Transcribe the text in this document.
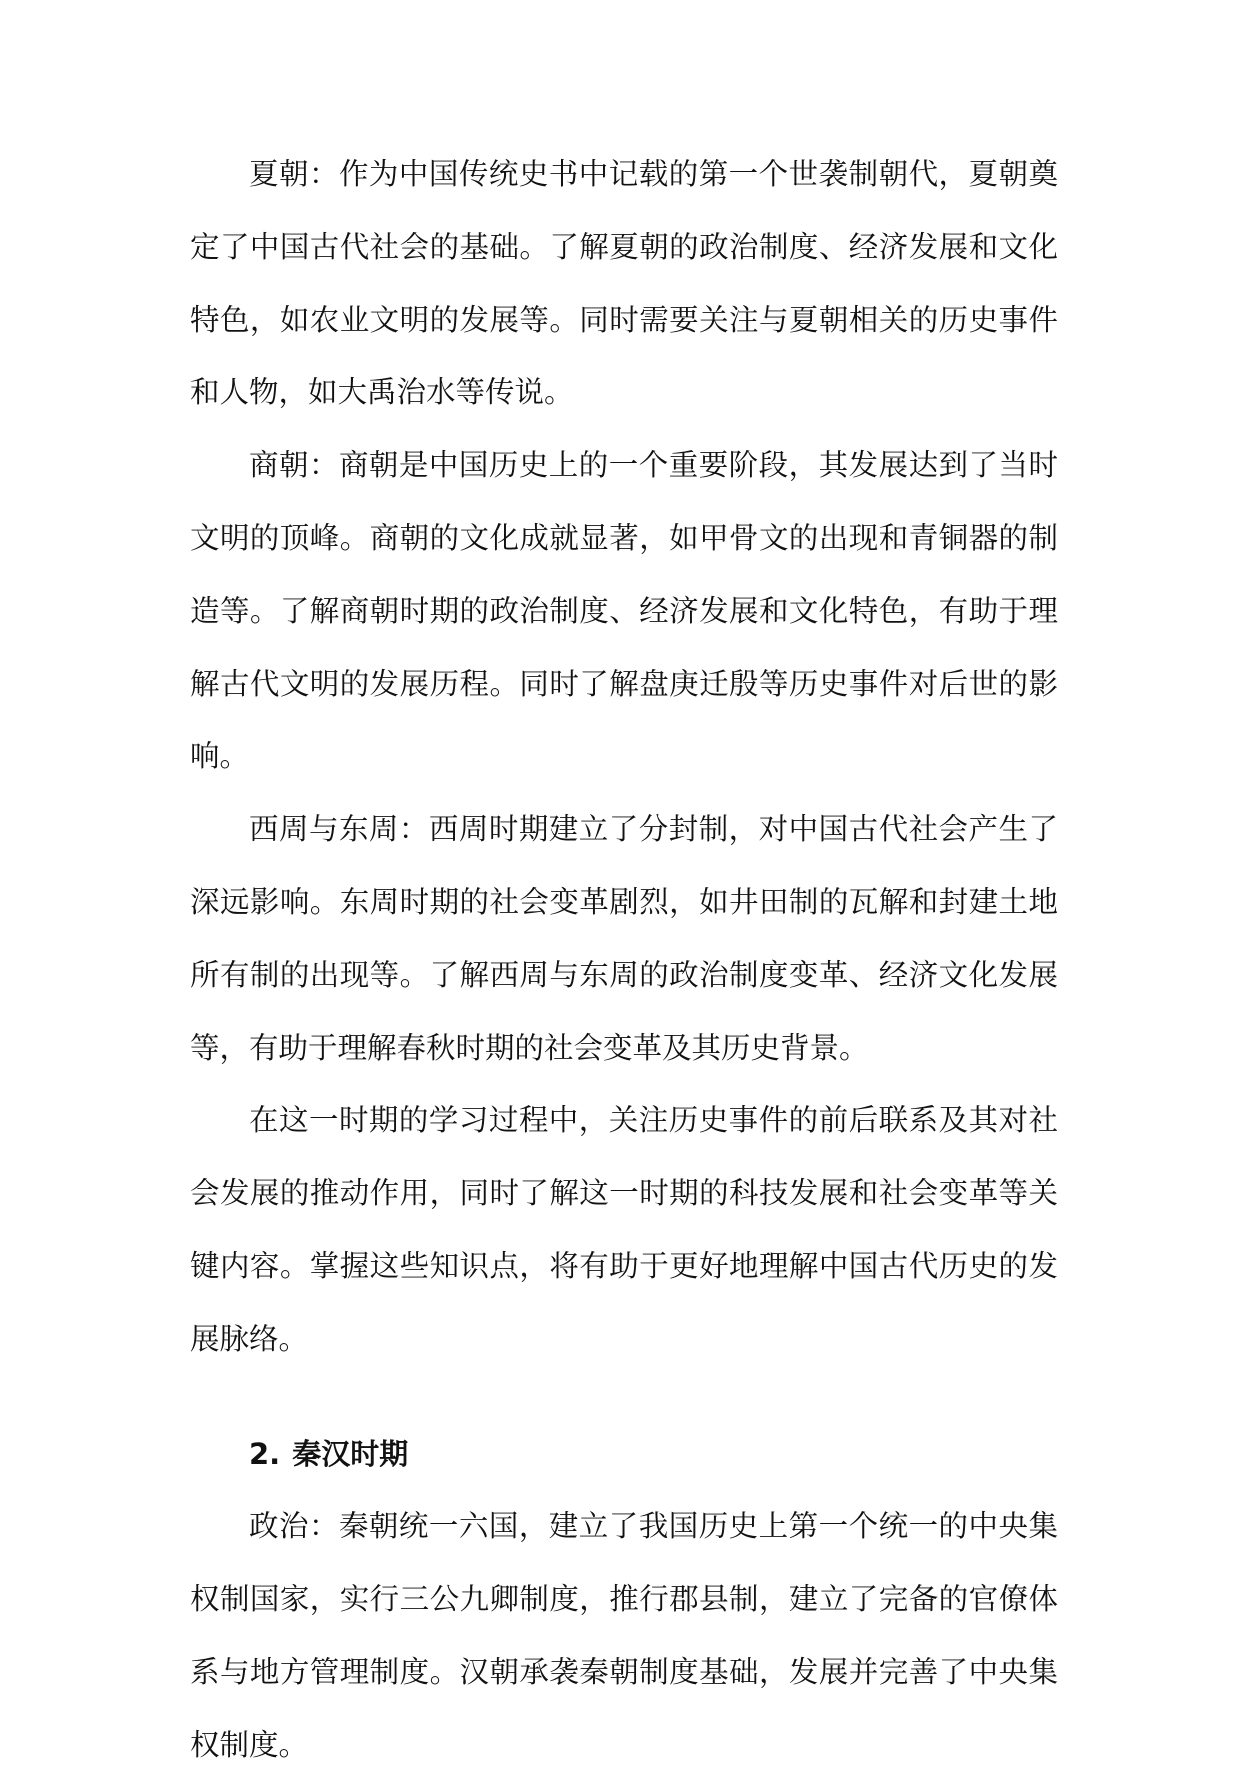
夏朝：作为中国传统史书中记载的第一个世袭制朝代，夏朝奠定了中国古代社会的基础。了解夏朝的政治制度、经济发展和文化特色，如农业文明的发展等。同时需要关注与夏朝相关的历史事件和人物，如大禹治水等传说。

商朝：商朝是中国历史上的一个重要阶段，其发展达到了当时文明的顶峰。商朝的文化成就显著，如甲骨文的出现和青铜器的制造等。了解商朝时期的政治制度、经济发展和文化特色，有助于理解古代文明的发展历程。同时了解盘庚迁殷等历史事件对后世的影响。

西周与东周：西周时期建立了分封制，对中国古代社会产生了深远影响。东周时期的社会变革剧烈，如井田制的瓦解和封建土地所有制的出现等。了解西周与东周的政治制度变革、经济文化发展等，有助于理解春秋时期的社会变革及其历史背景。

在这一时期的学习过程中，关注历史事件的前后联系及其对社会发展的推动作用，同时了解这一时期的科技发展和社会变革等关键内容。掌握这些知识点，将有助于更好地理解中国古代历史的发展脉络。

2. 秦汉时期

政治：秦朝统一六国，建立了我国历史上第一个统一的中央集权制国家，实行三公九卿制度，推行郡县制，建立了完备的官僚体系与地方管理制度。汉朝承袭秦朝制度基础，发展并完善了中央集权制度。
